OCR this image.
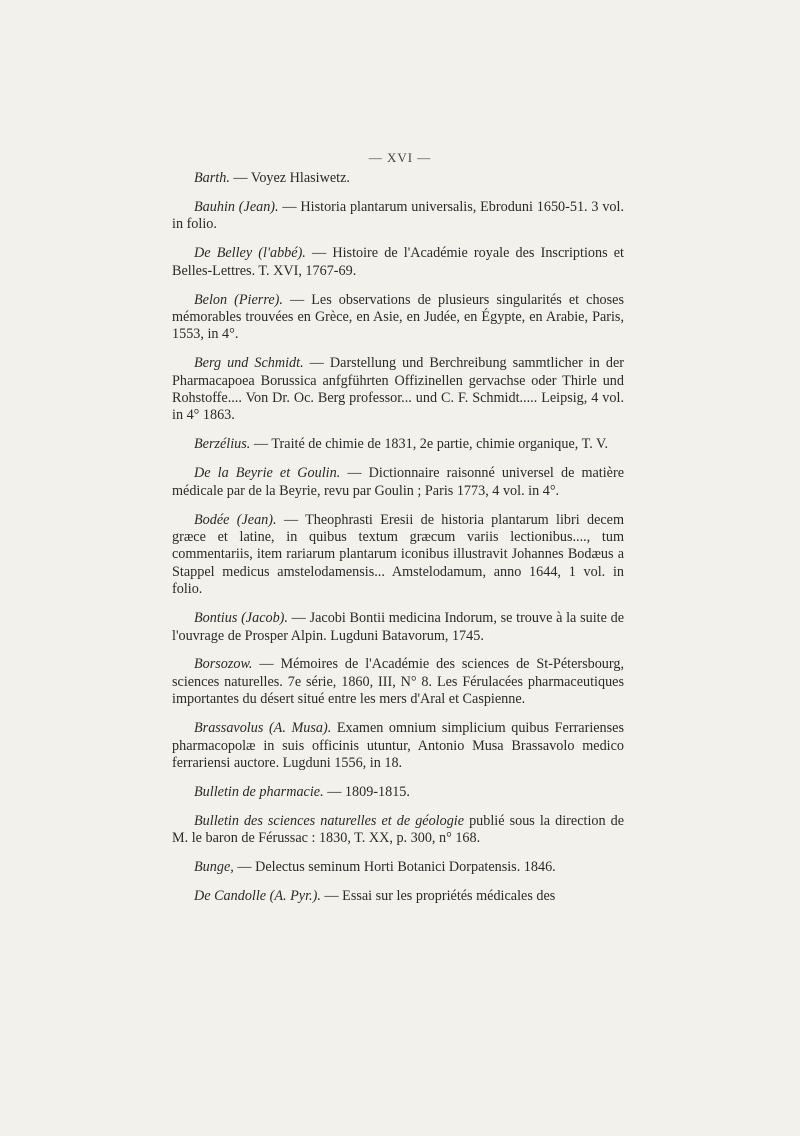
— XVI —

Barth. — Voyez Hlasiwetz.

Bauhin (Jean). — Historia plantarum universalis, Ebroduni 1650-51. 3 vol. in folio.

De Belley (l'abbé). — Histoire de l'Académie royale des Inscriptions et Belles-Lettres. T. XVI, 1767-69.

Belon (Pierre). — Les observations de plusieurs singularités et choses mémorables trouvées en Grèce, en Asie, en Judée, en Égypte, en Arabie, Paris, 1553, in 4°.

Berg und Schmidt. — Darstellung und Berchreibung sammtlicher in der Pharmacapoea Borussica anfgführten Offizinellen gervachse oder Thirle und Rohstoffe.... Von Dr. Oc. Berg professor... und C. F. Schmidt..... Leipsig, 4 vol. in 4° 1863.

Berzélius. — Traité de chimie de 1831, 2e partie, chimie organique, T. V.

De la Beyrie et Goulin. — Dictionnaire raisonné universel de matière médicale par de la Beyrie, revu par Goulin ; Paris 1773, 4 vol. in 4°.

Bodée (Jean). — Theophrasti Eresii de historia plantarum libri decem græce et latine, in quibus textum græcum variis lectionibus...., tum commentariis, item rariarum plantarum iconibus illustravit Johannes Bodæus a Stappel medicus amstelodamensis... Amstelodamum, anno 1644, 1 vol. in folio.

Bontius (Jacob). — Jacobi Bontii medicina Indorum, se trouve à la suite de l'ouvrage de Prosper Alpin. Lugduni Batavorum, 1745.

Borsozow. — Mémoires de l'Académie des sciences de St-Pétersbourg, sciences naturelles. 7e série, 1860, III, N° 8. Les Férulacées pharmaceutiques importantes du désert situé entre les mers d'Aral et Caspienne.

Brassavolus (A. Musa). Examen omnium simplicium quibus Ferrarienses pharmacopolæ in suis officinis utuntur, Antonio Musa Brassavolo medico ferrariensi auctore. Lugduni 1556, in 18.

Bulletin de pharmacie. — 1809-1815.

Bulletin des sciences naturelles et de géologie publié sous la direction de M. le baron de Férussac : 1830, T. XX, p. 300, n° 168.

Bunge, — Delectus seminum Horti Botanici Dorpatensis. 1846.

De Candolle (A. Pyr.). — Essai sur les propriétés médicales des
